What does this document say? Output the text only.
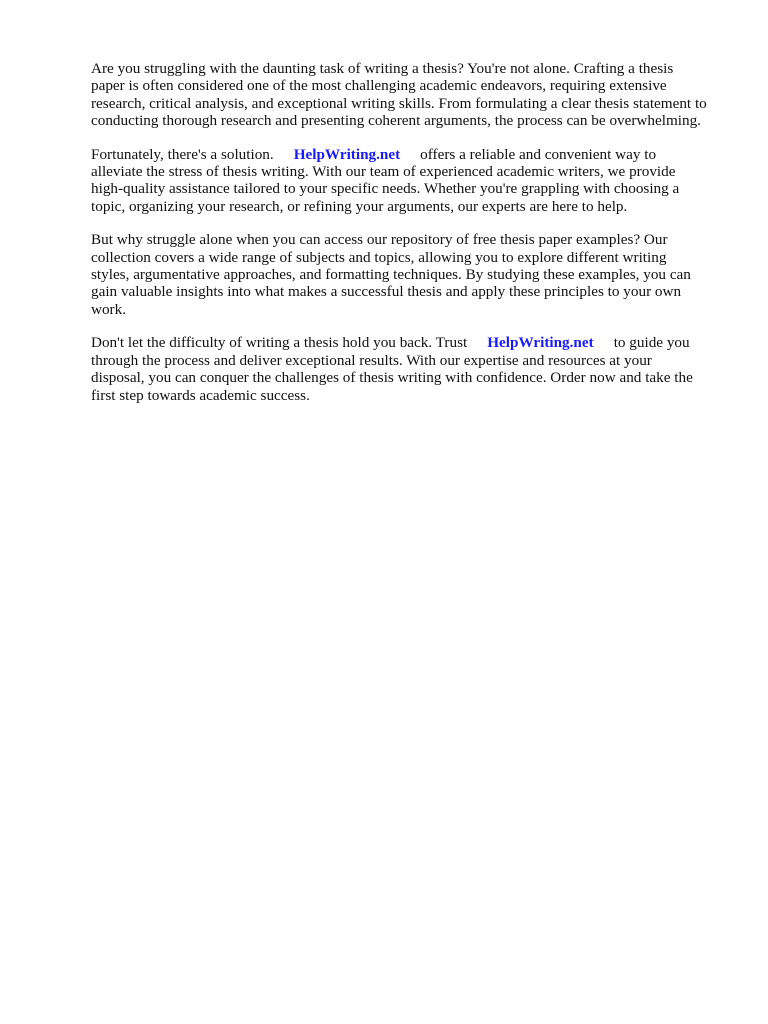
Are you struggling with the daunting task of writing a thesis? You're not alone. Crafting a thesis
paper is often considered one of the most challenging academic endeavors, requiring extensive
research, critical analysis, and exceptional writing skills. From formulating a clear thesis statement to
conducting thorough research and presenting coherent arguments, the process can be overwhelming.
Fortunately, there's a solution. HelpWriting.net offers a reliable and convenient way to
alleviate the stress of thesis writing. With our team of experienced academic writers, we provide
high-quality assistance tailored to your specific needs. Whether you're grappling with choosing a
topic, organizing your research, or refining your arguments, our experts are here to help.
But why struggle alone when you can access our repository of free thesis paper examples? Our
collection covers a wide range of subjects and topics, allowing you to explore different writing
styles, argumentative approaches, and formatting techniques. By studying these examples, you can
gain valuable insights into what makes a successful thesis and apply these principles to your own
work.
Don't let the difficulty of writing a thesis hold you back. Trust HelpWriting.net to guide you
through the process and deliver exceptional results. With our expertise and resources at your
disposal, you can conquer the challenges of thesis writing with confidence. Order now and take the
first step towards academic success.
